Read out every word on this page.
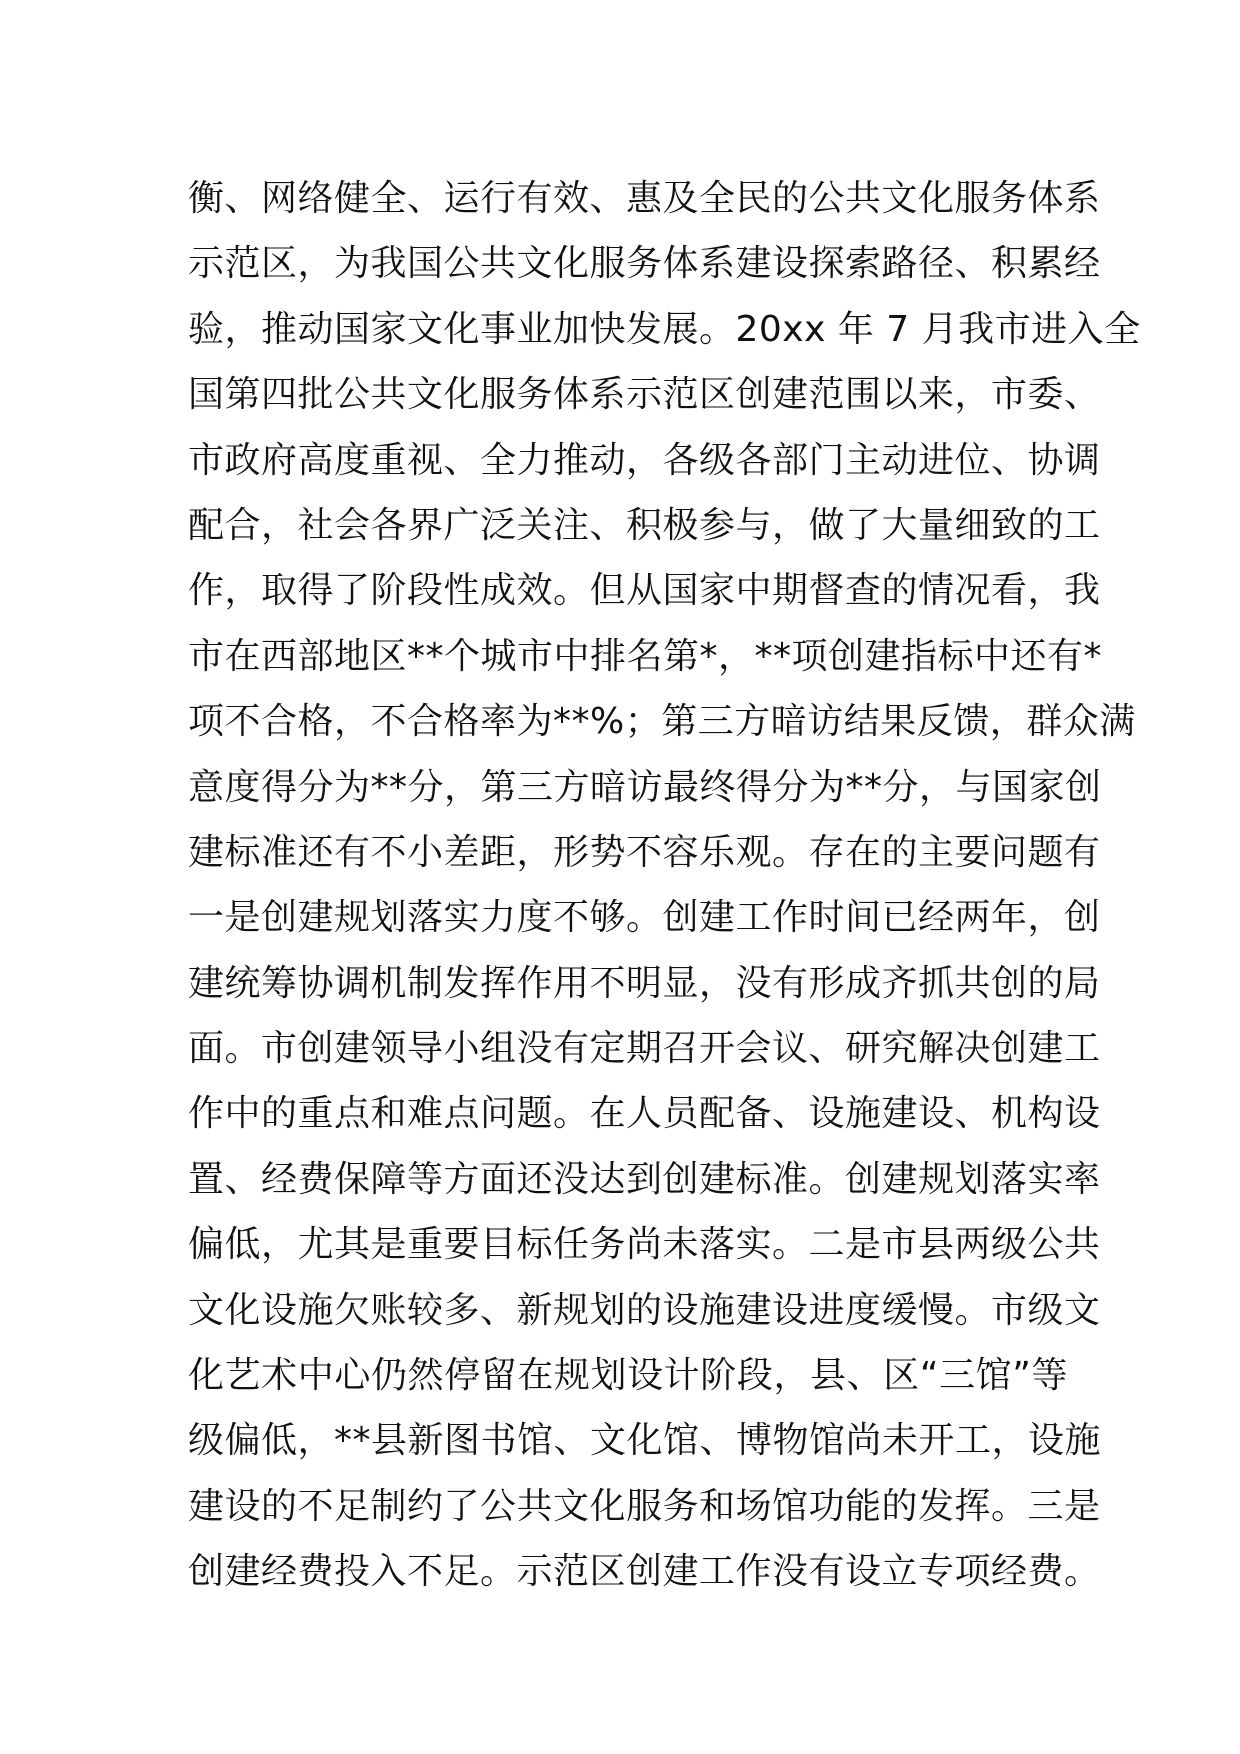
衡、网络健全、运行有效、惠及全民的公共文化服务体系
示范区，为我国公共文化服务体系建设探索路径、积累经
验，推动国家文化事业加快发展。20xx 年 7 月我市进入全
国第四批公共文化服务体系示范区创建范围以来，市委、
市政府高度重视、全力推动，各级各部门主动进位、协调
配合，社会各界广泛关注、积极参与，做了大量细致的工
作，取得了阶段性成效。但从国家中期督查的情况看，我
市在西部地区**个城市中排名第*，**项创建指标中还有*
项不合格，不合格率为**%；第三方暗访结果反馈，群众满
意度得分为**分，第三方暗访最终得分为**分，与国家创
建标准还有不小差距，形势不容乐观。存在的主要问题有
一是创建规划落实力度不够。创建工作时间已经两年，创
建统筹协调机制发挥作用不明显，没有形成齐抓共创的局
面。市创建领导小组没有定期召开会议、研究解决创建工
作中的重点和难点问题。在人员配备、设施建设、机构设
置、经费保障等方面还没达到创建标准。创建规划落实率
偏低，尤其是重要目标任务尚未落实。二是市县两级公共
文化设施欠账较多、新规划的设施建设进度缓慢。市级文
化艺术中心仍然停留在规划设计阶段，县、区“三馆”等
级偏低，**县新图书馆、文化馆、博物馆尚未开工，设施
建设的不足制约了公共文化服务和场馆功能的发挥。三是
创建经费投入不足。示范区创建工作没有设立专项经费。
